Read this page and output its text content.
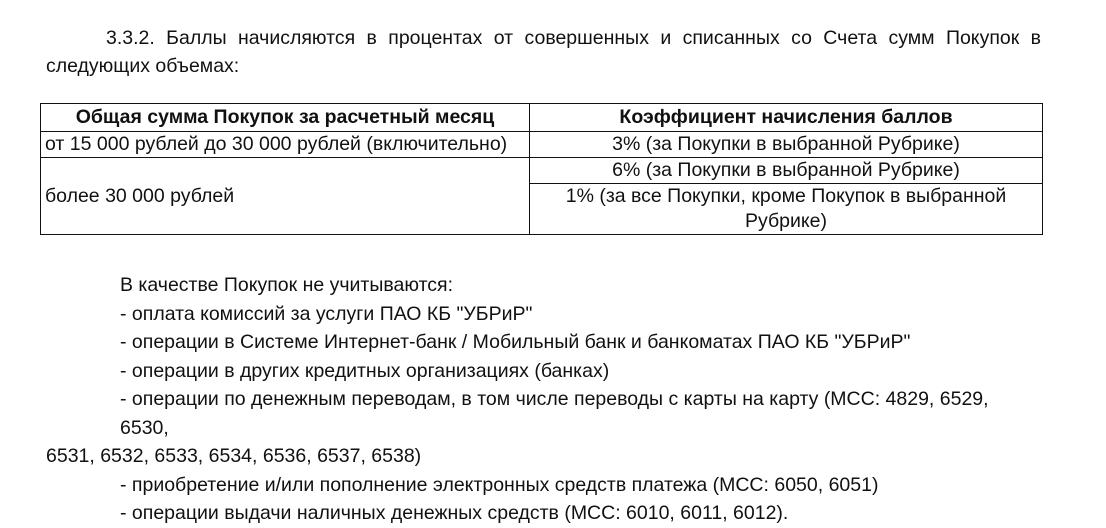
3.3.2. Баллы начисляются в процентах от совершенных и списанных со Счета сумм Покупок в следующих объемах:

Общая сумма Покупок за расчетный месяц	Коэффициент начисления баллов
от 15 000 рублей до 30 000 рублей (включительно)	3% (за Покупки в выбранной Рубрике)
более 30 000 рублей	6% (за Покупки в выбранной Рубрике)
	1% (за все Покупки, кроме Покупок в выбранной Рубрике)
В качестве Покупок не учитываются:
- оплата комиссий за услуги ПАО КБ "УБРиР"
- операции в Системе Интернет-банк / Мобильный банк и банкоматах ПАО КБ "УБРиР"
- операции в других кредитных организациях (банках)
- операции по денежным переводам, в том числе переводы с карты на карту (MCC: 4829, 6529, 6530,
6531, 6532, 6533, 6534, 6536, 6537, 6538)
- приобретение и/или пополнение электронных средств платежа (MCC: 6050, 6051)
- операции выдачи наличных денежных средств (MCC: 6010, 6011, 6012).
